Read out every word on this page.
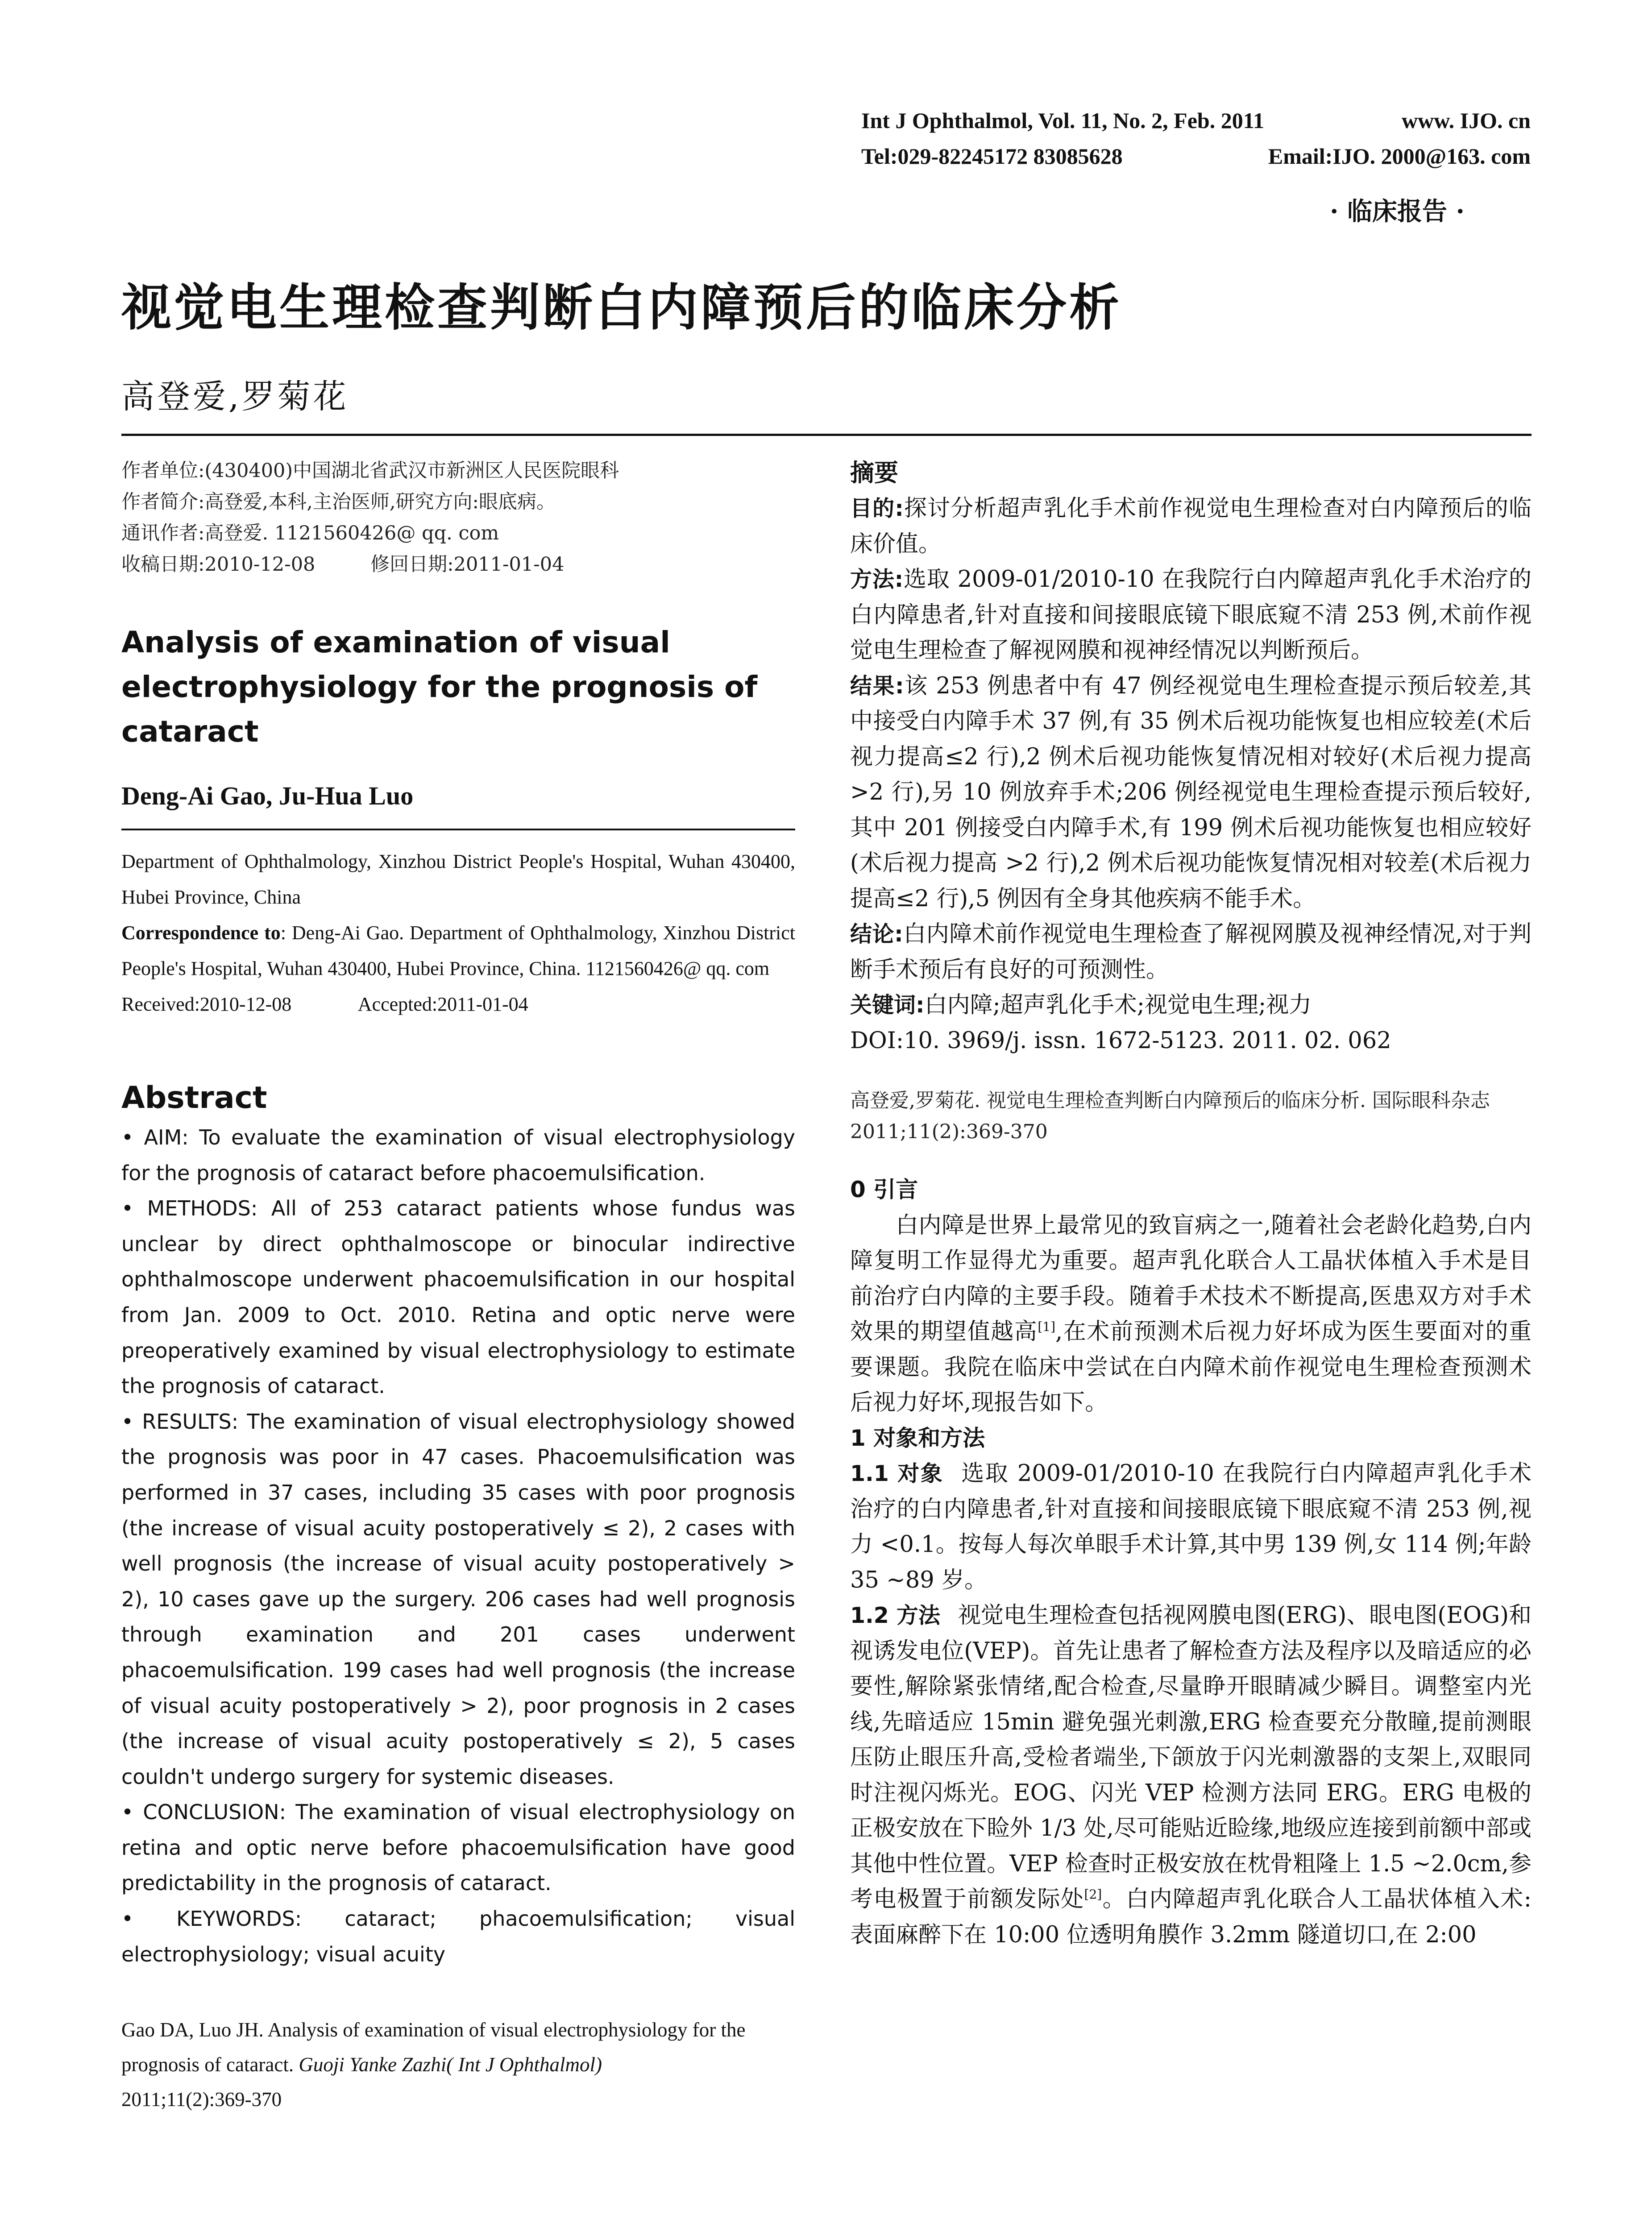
Int J Ophthalmol, Vol. 11, No. 2, Feb. 2011	www. IJO. cn
Tel:029-82245172 83085628	Email:IJO. 2000@163. com
· 临床报告 ·
视觉电生理检查判断白内障预后的临床分析
高登爱,罗菊花
作者单位:(430400)中国湖北省武汉市新洲区人民医院眼科
作者简介:高登爱,本科,主治医师,研究方向:眼底病。
通讯作者:高登爱. 1121560426@ qq. com
收稿日期:2010-12-08	修回日期:2011-01-04
Analysis of examination of visual electrophysiology for the prognosis of cataract
Deng-Ai Gao, Ju-Hua Luo
Department of Ophthalmology, Xinzhou District People's Hospital, Wuhan 430400, Hubei Province, China
Correspondence to: Deng-Ai Gao. Department of Ophthalmology, Xinzhou District People's Hospital, Wuhan 430400, Hubei Province, China. 1121560426@ qq. com
Received:2010-12-08	Accepted:2011-01-04
Abstract

• AIM: To evaluate the examination of visual electrophysiology for the prognosis of cataract before phacoemulsification.

• METHODS: All of 253 cataract patients whose fundus was unclear by direct ophthalmoscope or binocular indirective ophthalmoscope underwent phacoemulsification in our hospital from Jan. 2009 to Oct. 2010. Retina and optic nerve were preoperatively examined by visual electrophysiology to estimate the prognosis of cataract.

• RESULTS: The examination of visual electrophysiology showed the prognosis was poor in 47 cases. Phacoemulsification was performed in 37 cases, including 35 cases with poor prognosis (the increase of visual acuity postoperatively ≤ 2), 2 cases with well prognosis (the increase of visual acuity postoperatively > 2), 10 cases gave up the surgery. 206 cases had well prognosis through examination and 201 cases underwent phacoemulsification. 199 cases had well prognosis (the increase of visual acuity postoperatively > 2), poor prognosis in 2 cases (the increase of visual acuity postoperatively ≤ 2), 5 cases couldn't undergo surgery for systemic diseases.

• CONCLUSION: The examination of visual electrophysiology on retina and optic nerve before phacoemulsification have good predictability in the prognosis of cataract.

• KEYWORDS: cataract; phacoemulsification; visual electrophysiology; visual acuity

Gao DA, Luo JH. Analysis of examination of visual electrophysiology for the prognosis of cataract. Guoji Yanke Zazhi( Int J Ophthalmol)
2011;11(2):369-370
摘要

目的:探讨分析超声乳化手术前作视觉电生理检查对白内障预后的临床价值。

方法:选取 2009-01/2010-10 在我院行白内障超声乳化手术治疗的白内障患者,针对直接和间接眼底镜下眼底窥不清 253 例,术前作视觉电生理检查了解视网膜和视神经情况以判断预后。

结果:该 253 例患者中有 47 例经视觉电生理检查提示预后较差,其中接受白内障手术 37 例,有 35 例术后视功能恢复也相应较差(术后视力提高≤2 行),2 例术后视功能恢复情况相对较好(术后视力提高 >2 行),另 10 例放弃手术;206 例经视觉电生理检查提示预后较好,其中 201 例接受白内障手术,有 199 例术后视功能恢复也相应较好(术后视力提高 >2 行),2 例术后视功能恢复情况相对较差(术后视力提高≤2 行),5 例因有全身其他疾病不能手术。

结论:白内障术前作视觉电生理检查了解视网膜及视神经情况,对于判断手术预后有良好的可预测性。

关键词:白内障;超声乳化手术;视觉电生理;视力

DOI:10. 3969/j. issn. 1672-5123. 2011. 02. 062

高登爱,罗菊花. 视觉电生理检查判断白内障预后的临床分析. 国际眼科杂志 2011;11(2):369-370
0 引言

白内障是世界上最常见的致盲病之一,随着社会老龄化趋势,白内障复明工作显得尤为重要。超声乳化联合人工晶状体植入手术是目前治疗白内障的主要手段。随着手术技术不断提高,医患双方对手术效果的期望值越高[1],在术前预测术后视力好坏成为医生要面对的重要课题。我院在临床中尝试在白内障术前作视觉电生理检查预测术后视力好坏,现报告如下。

1 对象和方法

1.1 对象 选取 2009-01/2010-10 在我院行白内障超声乳化手术治疗的白内障患者,针对直接和间接眼底镜下眼底窥不清 253 例,视力 <0.1。按每人每次单眼手术计算,其中男 139 例,女 114 例;年龄 35 ~89 岁。

1.2 方法 视觉电生理检查包括视网膜电图(ERG)、眼电图(EOG)和视诱发电位(VEP)。首先让患者了解检查方法及程序以及暗适应的必要性,解除紧张情绪,配合检查,尽量睁开眼睛减少瞬目。调整室内光线,先暗适应 15min 避免强光刺激,ERG 检查要充分散瞳,提前测眼压防止眼压升高,受检者端坐,下颌放于闪光刺激器的支架上,双眼同时注视闪烁光。EOG、闪光 VEP 检测方法同 ERG。ERG 电极的正极安放在下睑外 1/3 处,尽可能贴近睑缘,地级应连接到前额中部或其他中性位置。VEP 检查时正极安放在枕骨粗隆上 1.5 ~2.0cm,参考电极置于前额发际处[2]。白内障超声乳化联合人工晶状体植入术:表面麻醉下在 10:00 位透明角膜作 3.2mm 隧道切口,在 2:00
